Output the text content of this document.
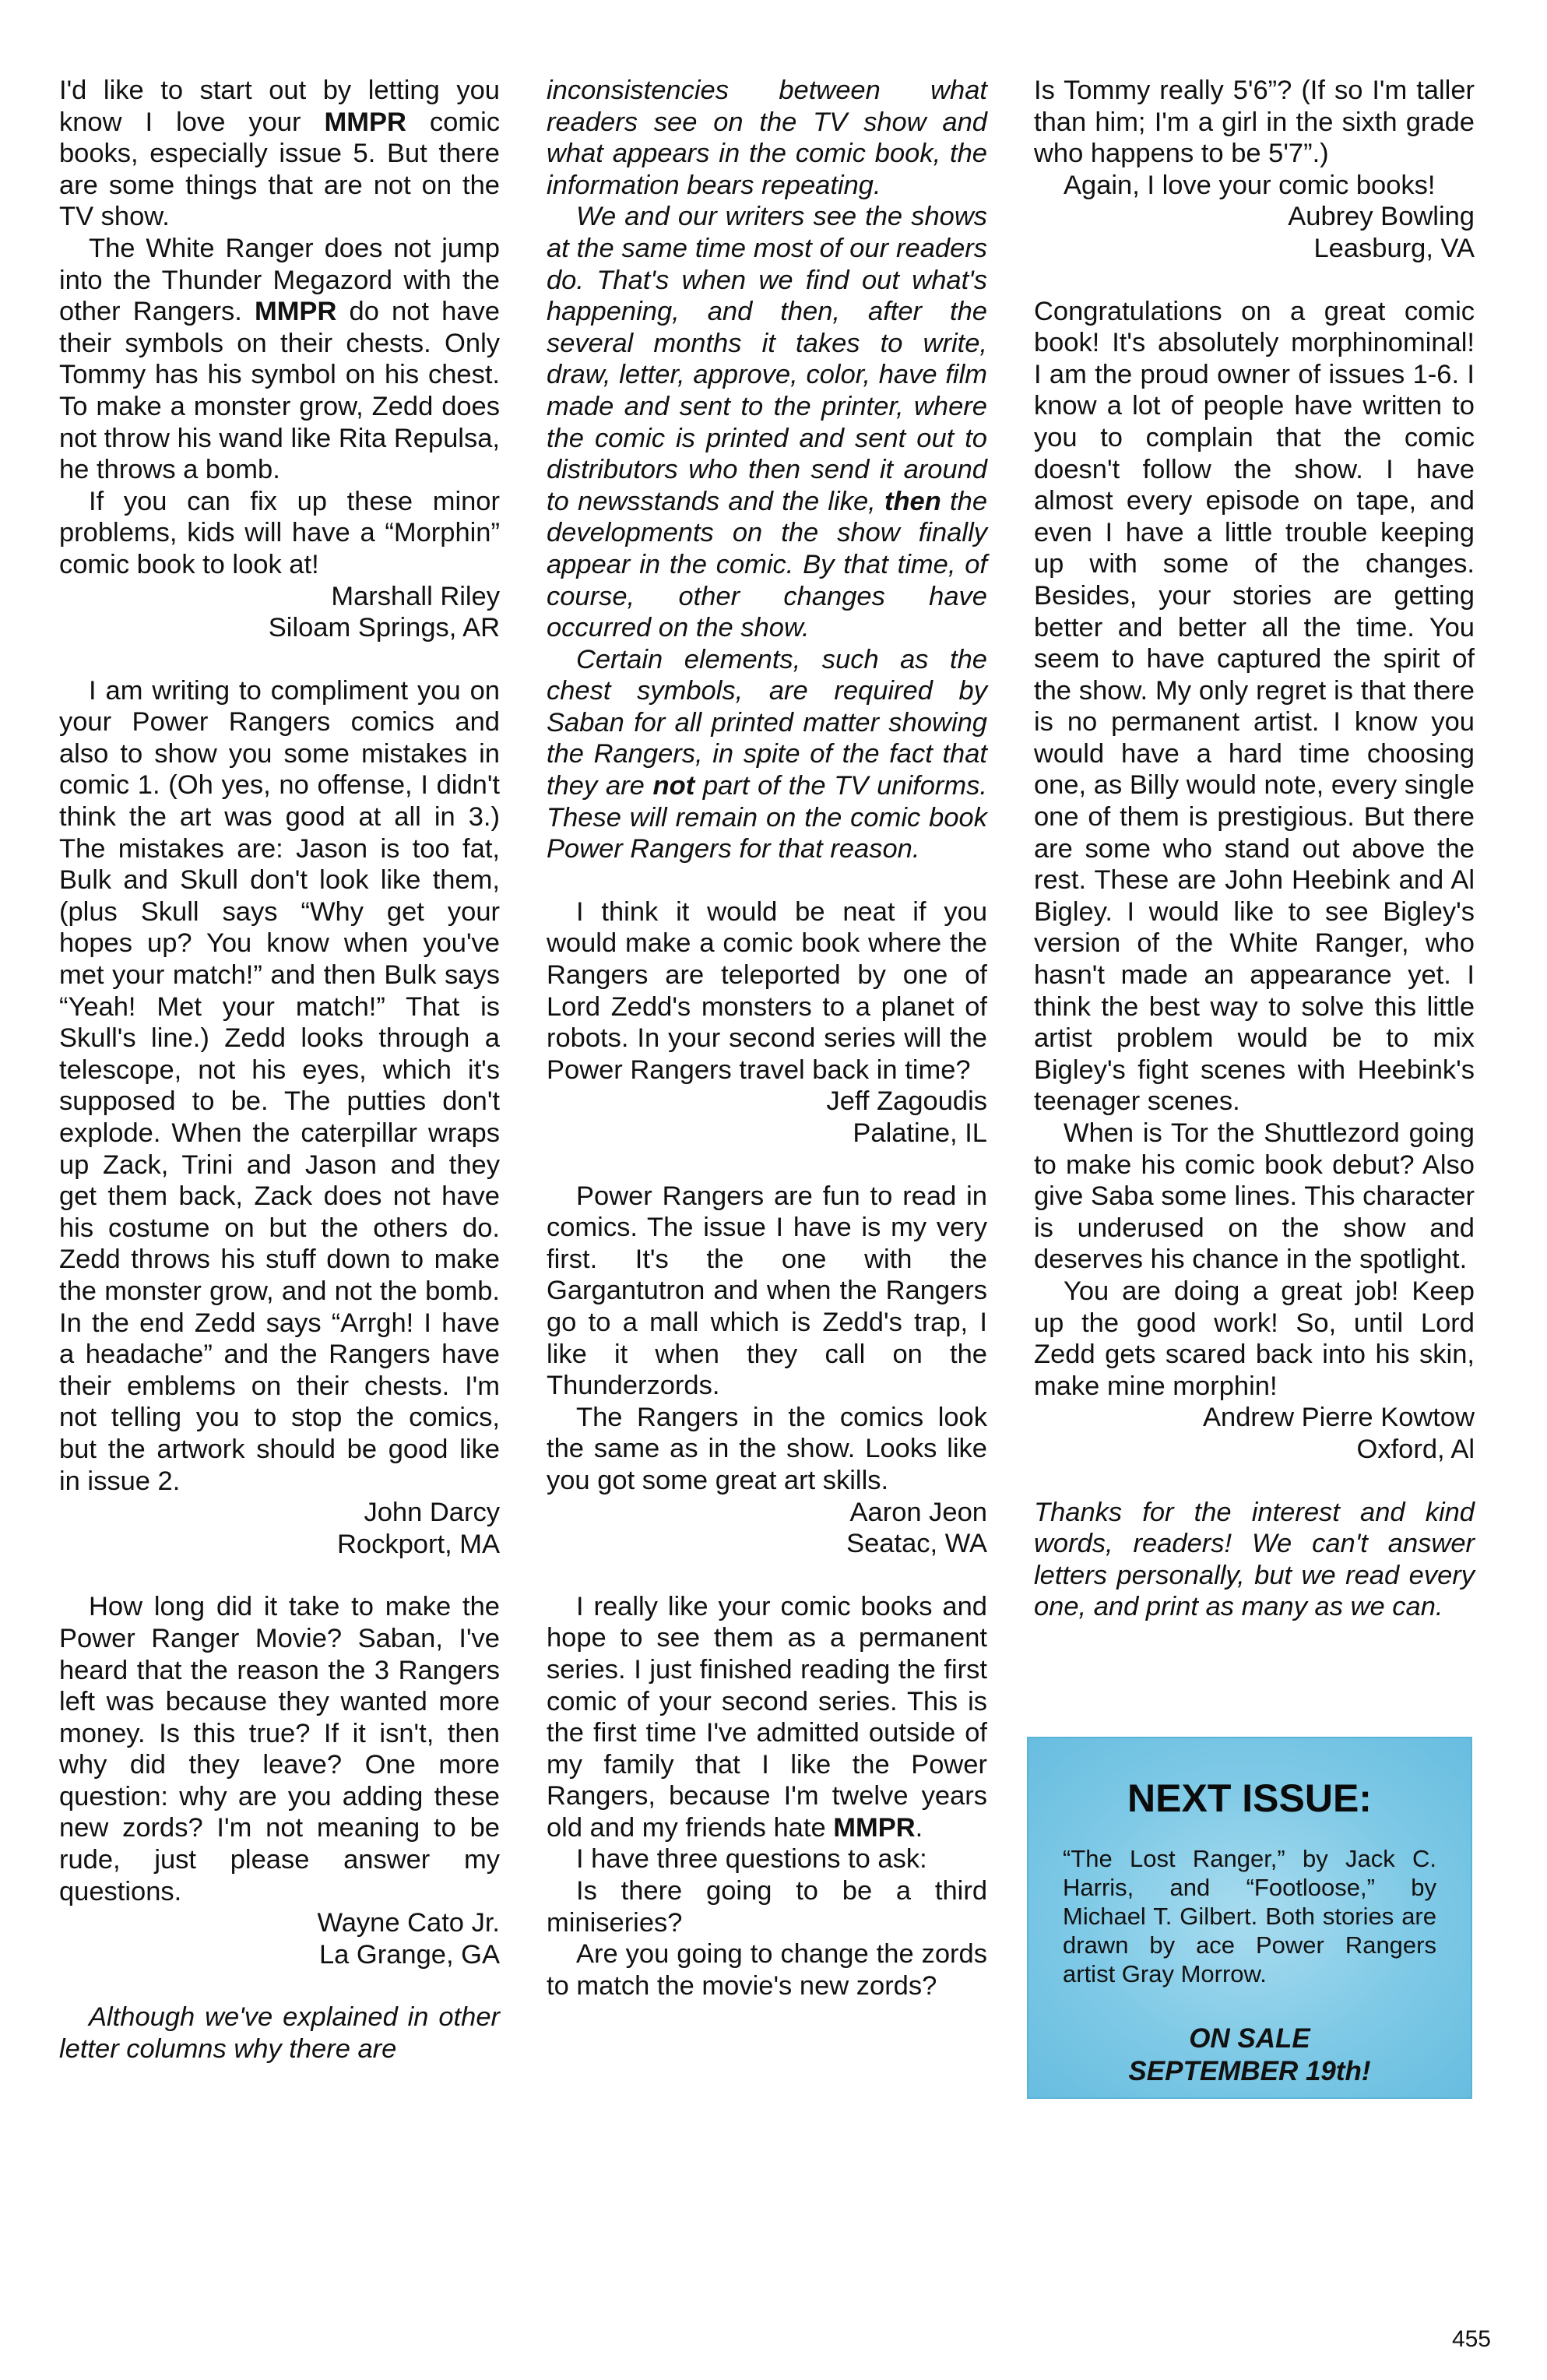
I'd like to start out by letting you know I love your MMPR comic books, especially issue 5. But there are some things that are not on the TV show.

The White Ranger does not jump into the Thunder Megazord with the other Rangers. MMPR do not have their symbols on their chests. Only Tommy has his symbol on his chest. To make a monster grow, Zedd does not throw his wand like Rita Repulsa, he throws a bomb.

If you can fix up these minor problems, kids will have a “Morphin” comic book to look at!

Marshall Riley

Siloam Springs, AR

I am writing to compliment you on your Power Rangers comics and also to show you some mistakes in comic 1. (Oh yes, no offense, I didn't think the art was good at all in 3.) The mistakes are: Jason is too fat, Bulk and Skull don't look like them, (plus Skull says “Why get your hopes up? You know when you've met your match!” and then Bulk says “Yeah! Met your match!” That is Skull's line.) Zedd looks through a telescope, not his eyes, which it's supposed to be. The putties don't explode. When the caterpillar wraps up Zack, Trini and Jason and they get them back, Zack does not have his costume on but the others do. Zedd throws his stuff down to make the monster grow, and not the bomb. In the end Zedd says “Arrgh! I have a headache” and the Rangers have their emblems on their chests. I'm not telling you to stop the comics, but the artwork should be good like in issue 2.

John Darcy

Rockport, MA

How long did it take to make the Power Ranger Movie? Saban, I've heard that the reason the 3 Rangers left was because they wanted more money. Is this true? If it isn't, then why did they leave? One more question: why are you adding these new zords? I'm not meaning to be rude, just please answer my questions.

Wayne Cato Jr.

La Grange, GA

Although we've explained in other letter columns why there are

inconsistencies between what readers see on the TV show and what appears in the comic book, the information bears repeating.

We and our writers see the shows at the same time most of our readers do. That's when we find out what's happening, and then, after the several months it takes to write, draw, letter, approve, color, have film made and sent to the printer, where the comic is printed and sent out to distributors who then send it around to newsstands and the like, then the developments on the show finally appear in the comic. By that time, of course, other changes have occurred on the show.

Certain elements, such as the chest symbols, are required by Saban for all printed matter showing the Rangers, in spite of the fact that they are not part of the TV uniforms. These will remain on the comic book Power Rangers for that reason.

I think it would be neat if you would make a comic book where the Rangers are teleported by one of Lord Zedd's monsters to a planet of robots. In your second series will the Power Rangers travel back in time?

Jeff Zagoudis

Palatine, IL

Power Rangers are fun to read in comics. The issue I have is my very first. It's the one with the Gargantutron and when the Rangers go to a mall which is Zedd's trap, I like it when they call on the Thunderzords.

The Rangers in the comics look the same as in the show. Looks like you got some great art skills.

Aaron Jeon

Seatac, WA

I really like your comic books and hope to see them as a permanent series. I just finished reading the first comic of your second series. This is the first time I've admitted outside of my family that I like the Power Rangers, because I'm twelve years old and my friends hate MMPR.

I have three questions to ask:

Is there going to be a third miniseries?

Are you going to change the zords to match the movie's new zords?

Is Tommy really 5'6”? (If so I'm taller than him; I'm a girl in the sixth grade who happens to be 5'7”.)

Again, I love your comic books!

Aubrey Bowling

Leasburg, VA

Congratulations on a great comic book! It's absolutely morphinominal! I am the proud owner of issues 1-6. I know a lot of people have written to you to complain that the comic doesn't follow the show. I have almost every episode on tape, and even I have a little trouble keeping up with some of the changes. Besides, your stories are getting better and better all the time. You seem to have captured the spirit of the show. My only regret is that there is no permanent artist. I know you would have a hard time choosing one, as Billy would note, every single one of them is prestigious. But there are some who stand out above the rest. These are John Heebink and Al Bigley. I would like to see Bigley's version of the White Ranger, who hasn't made an appearance yet. I think the best way to solve this little artist problem would be to mix Bigley's fight scenes with Heebink's teenager scenes.

When is Tor the Shuttlezord going to make his comic book debut? Also give Saba some lines. This character is underused on the show and deserves his chance in the spotlight.

You are doing a great job! Keep up the good work! So, until Lord Zedd gets scared back into his skin, make mine morphin!

Andrew Pierre Kowtow

Oxford, Al

Thanks for the interest and kind words, readers! We can't answer letters personally, but we read every one, and print as many as we can.

NEXT ISSUE:
“The Lost Ranger,” by Jack C. Harris, and “Footloose,” by Michael T. Gilbert. Both stories are drawn by ace Power Rangers artist Gray Morrow.
ON SALE
SEPTEMBER 19th!
455
